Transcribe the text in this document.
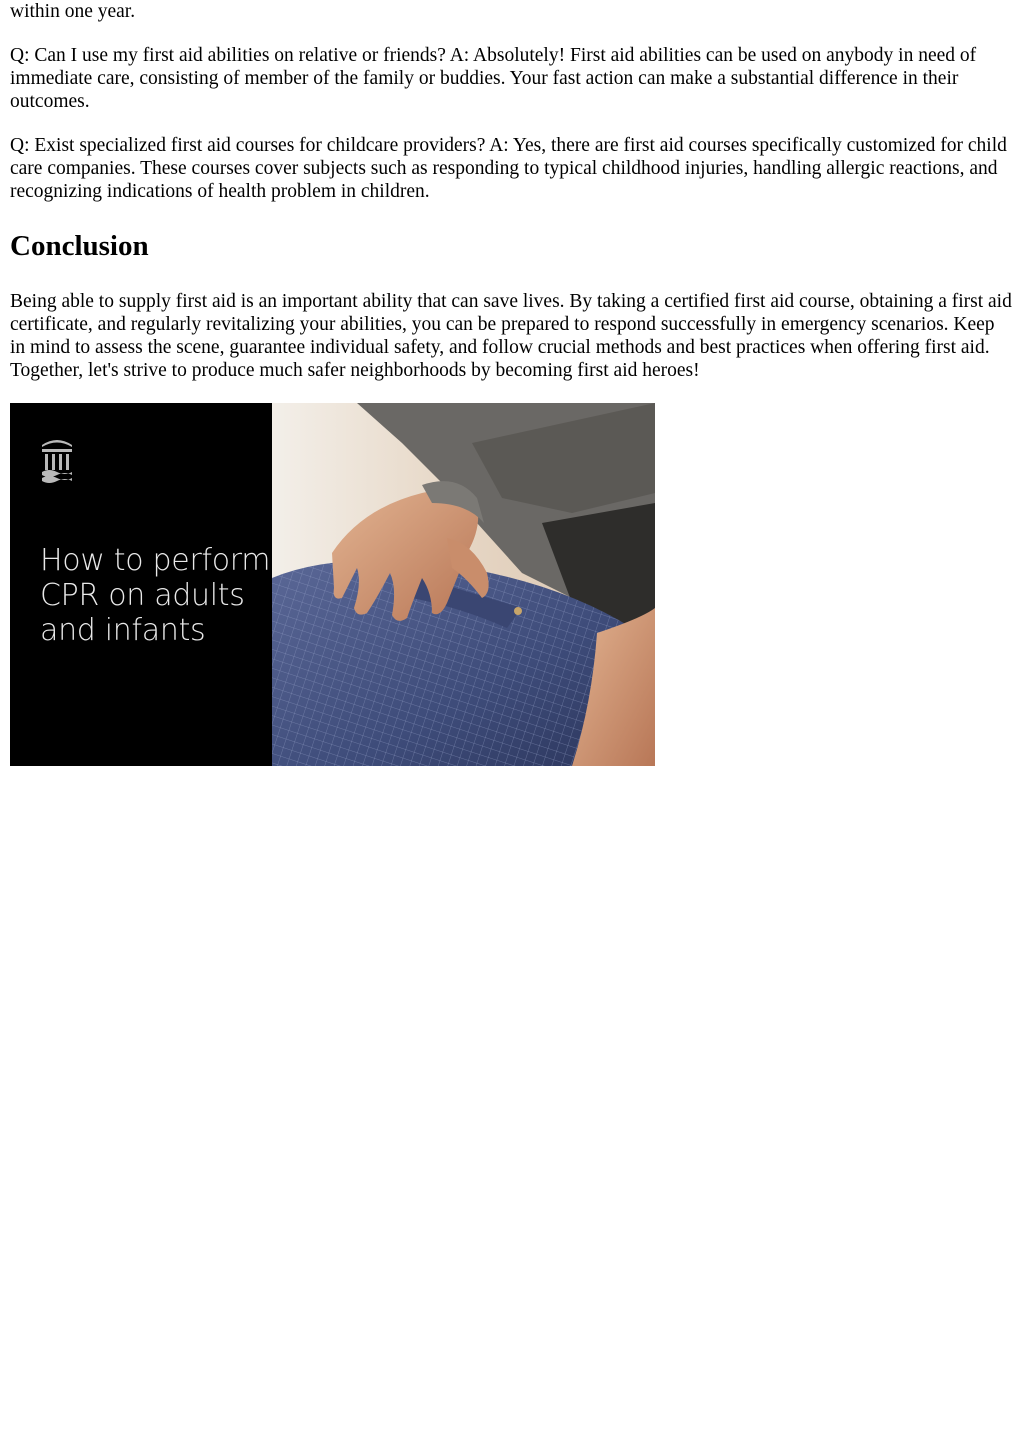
within one year.

Q: Can I use my first aid abilities on relative or friends? A: Absolutely! First aid abilities can be used on anybody in need of immediate care, consisting of member of the family or buddies. Your fast action can make a substantial difference in their outcomes.

Q: Exist specialized first aid courses for childcare providers? A: Yes, there are first aid courses specifically customized for child care companies. These courses cover subjects such as responding to typical childhood injuries, handling allergic reactions, and recognizing indications of health problem in children.

Conclusion

Being able to supply first aid is an important ability that can save lives. By taking a certified first aid course, obtaining a first aid certificate, and regularly revitalizing your abilities, you can be prepared to respond successfully in emergency scenarios. Keep in mind to assess the scene, guarantee individual safety, and follow crucial methods and best practices when offering first aid. Together, let's strive to produce much safer neighborhoods by becoming first aid heroes!

How to perform
CPR on adults
and infants
